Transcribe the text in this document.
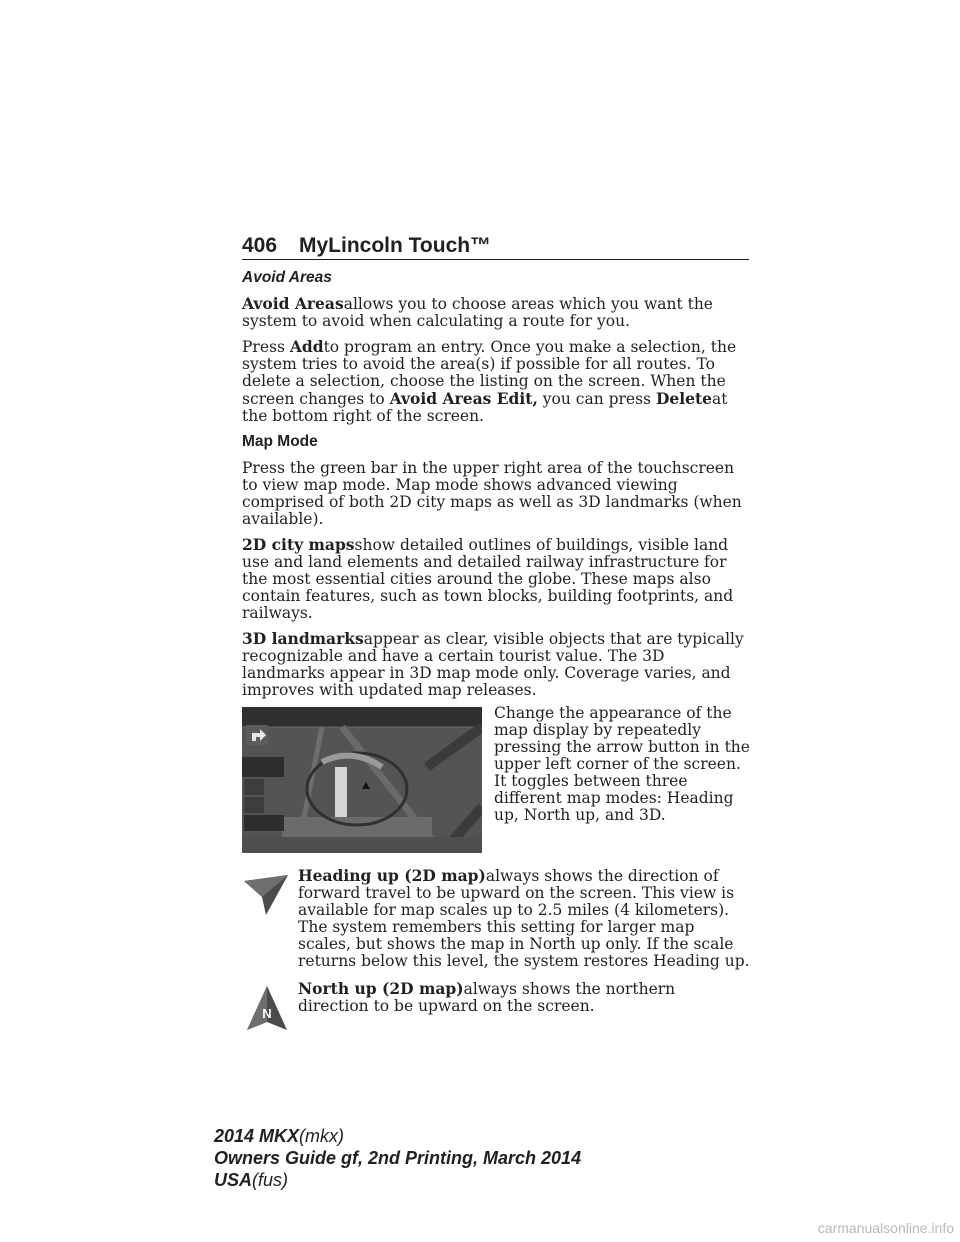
406 MyLincoln Touch™
Avoid Areas

Avoid Areasallows you to choose areas which you want the system to avoid when calculating a route for you.

Press Addto program an entry. Once you make a selection, the system tries to avoid the area(s) if possible for all routes. To delete a selection, choose the listing on the screen. When the screen changes to Avoid Areas Edit, you can press Deleteat the bottom right of the screen.

Map Mode

Press the green bar in the upper right area of the touchscreen to view map mode. Map mode shows advanced viewing comprised of both 2D city maps as well as 3D landmarks (when available).

2D city mapsshow detailed outlines of buildings, visible land use and land elements and detailed railway infrastructure for the most essential cities around the globe. These maps also contain features, such as town blocks, building footprints, and railways.

3D landmarksappear as clear, visible objects that are typically recognizable and have a certain tourist value. The 3D landmarks appear in 3D map mode only. Coverage varies, and improves with updated map releases.

Change the appearance of the map display by repeatedly pressing the arrow button in the upper left corner of the screen. It toggles between three different map modes: Heading up, North up, and 3D.
Heading up (2D map)always shows the direction of forward travel to be upward on the screen. This view is available for map scales up to 2.5 miles (4 kilometers). The system remembers this setting for larger map scales, but shows the map in North up only. If the scale returns below this level, the system restores Heading up.
N
North up (2D map)always shows the northern direction to be upward on the screen.
2014 MKX(mkx)
Owners Guide gf, 2nd Printing, March 2014
USA(fus)
carmanualsonline.info
